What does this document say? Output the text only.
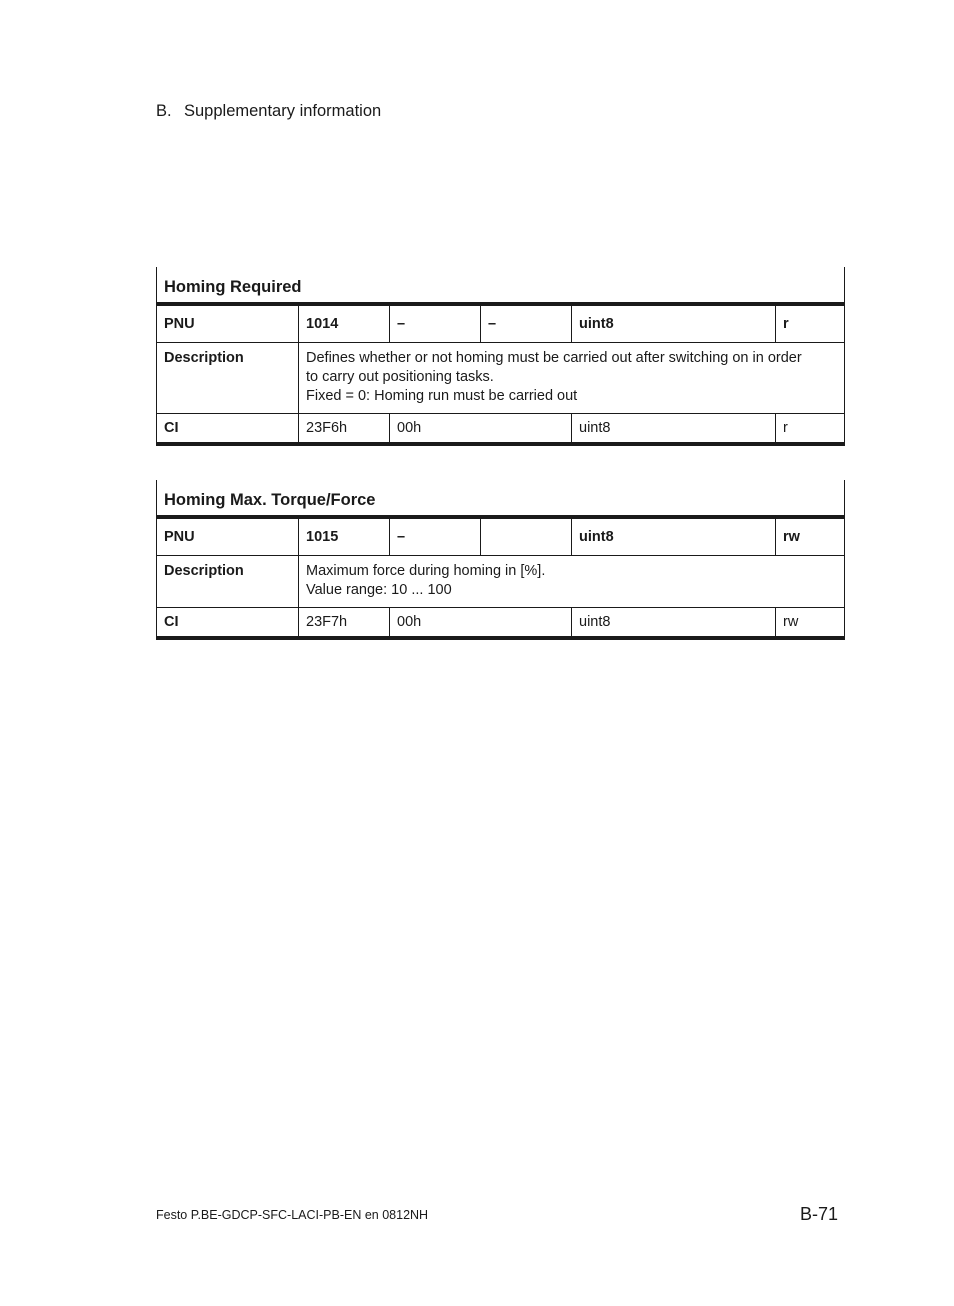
B. Supplementary information
Homing Required					
PNU	1014	–	–	uint8	r
Description	Defines whether or not homing must be carried out after switching on in order
to carry out positioning tasks.
Fixed = 0: Homing run must be carried out				

CI	23F6h	00h		uint8	r
Homing Max. Torque/Force					
PNU	1015	–		uint8	rw
Description	Maximum force during homing in [%].
Value range: 10 ... 100				

CI	23F7h	00h		uint8	rw
Festo P.BE-GDCP-SFC-LACI-PB-EN en 0812NH	B-71
